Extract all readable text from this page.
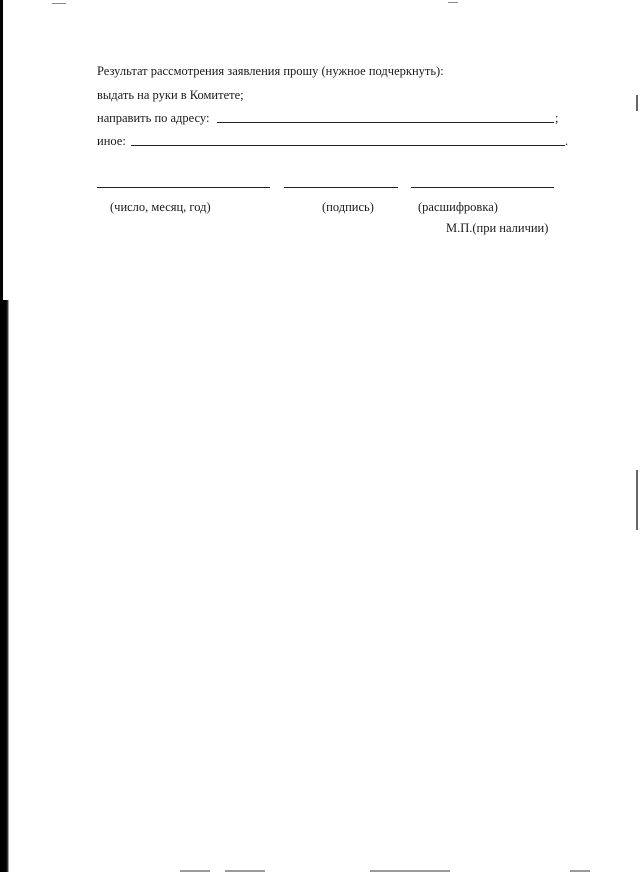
Результат рассмотрения заявления прошу (нужное подчеркнуть):
выдать на руки в Комитете;
направить по адресу:	;
иное:	.
(число, месяц, год)	(подпись)	(расшифровка)
М.П.(при наличии)
